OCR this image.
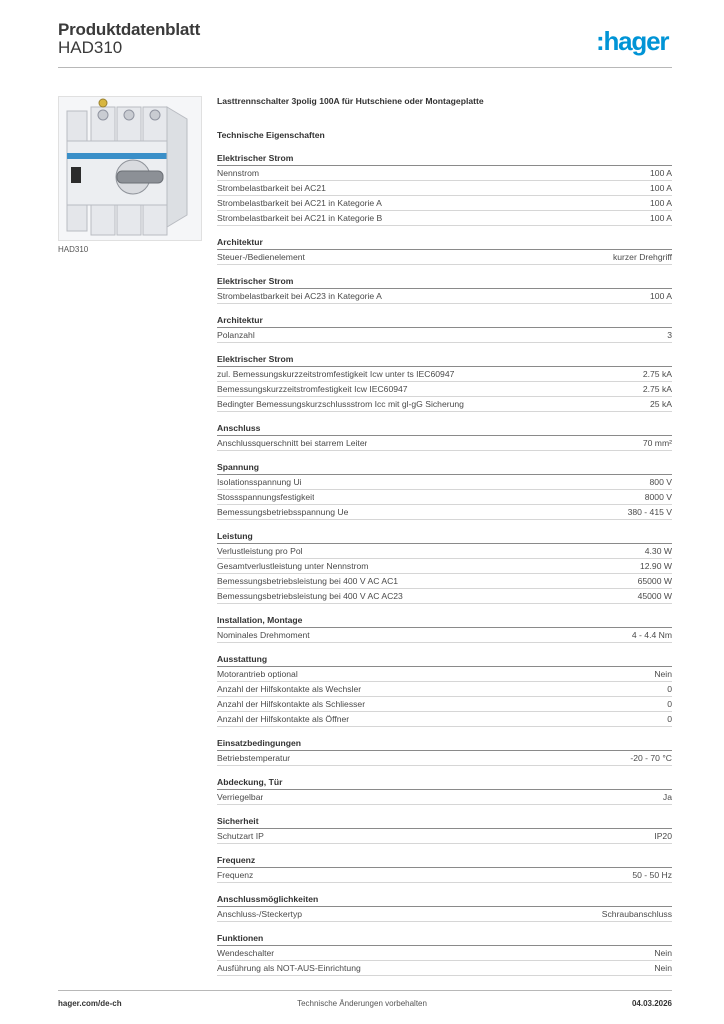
Produktdatenblatt
HAD310	:hager
HAD310
Lasttrennschalter 3polig 100A für Hutschiene oder Montageplatte
Technische Eigenschaften
Elektrischer Strom
Nennstrom	100 A
Strombelastbarkeit bei AC21	100 A
Strombelastbarkeit bei AC21 in Kategorie A	100 A
Strombelastbarkeit bei AC21 in Kategorie B	100 A
Architektur
Steuer-/Bedienelement	kurzer Drehgriff
Elektrischer Strom
Strombelastbarkeit bei AC23 in Kategorie A	100 A
Architektur
Polanzahl	3
Elektrischer Strom
zul. Bemessungskurzzeitstromfestigkeit Icw unter ts IEC60947	2.75 kA
Bemessungskurzzeitstromfestigkeit Icw IEC60947	2.75 kA
Bedingter Bemessungskurzschlussstrom Icc mit gl-gG Sicherung	25 kA
Anschluss
Anschlussquerschnitt bei starrem Leiter	70 mm²
Spannung
Isolationsspannung Ui	800 V
Stossspannungsfestigkeit	8000 V
Bemessungsbetriebsspannung Ue	380 - 415 V
Leistung
Verlustleistung pro Pol	4.30 W
Gesamtverlustleistung unter Nennstrom	12.90 W
Bemessungsbetriebsleistung bei 400 V AC AC1	65000 W
Bemessungsbetriebsleistung bei 400 V AC AC23	45000 W
Installation, Montage
Nominales Drehmoment	4 - 4.4 Nm
Ausstattung
Motorantrieb optional	Nein
Anzahl der Hilfskontakte als Wechsler	0
Anzahl der Hilfskontakte als Schliesser	0
Anzahl der Hilfskontakte als Öffner	0
Einsatzbedingungen
Betriebstemperatur	-20 - 70 °C
Abdeckung, Tür
Verriegelbar	Ja
Sicherheit
Schutzart IP	IP20
Frequenz
Frequenz	50 - 50 Hz
Anschlussmöglichkeiten
Anschluss-/Steckertyp	Schraubanschluss
Funktionen
Wendeschalter	Nein
Ausführung als NOT-AUS-Einrichtung	Nein
hager.com/de-ch	Technische Änderungen vorbehalten	04.03.2026
